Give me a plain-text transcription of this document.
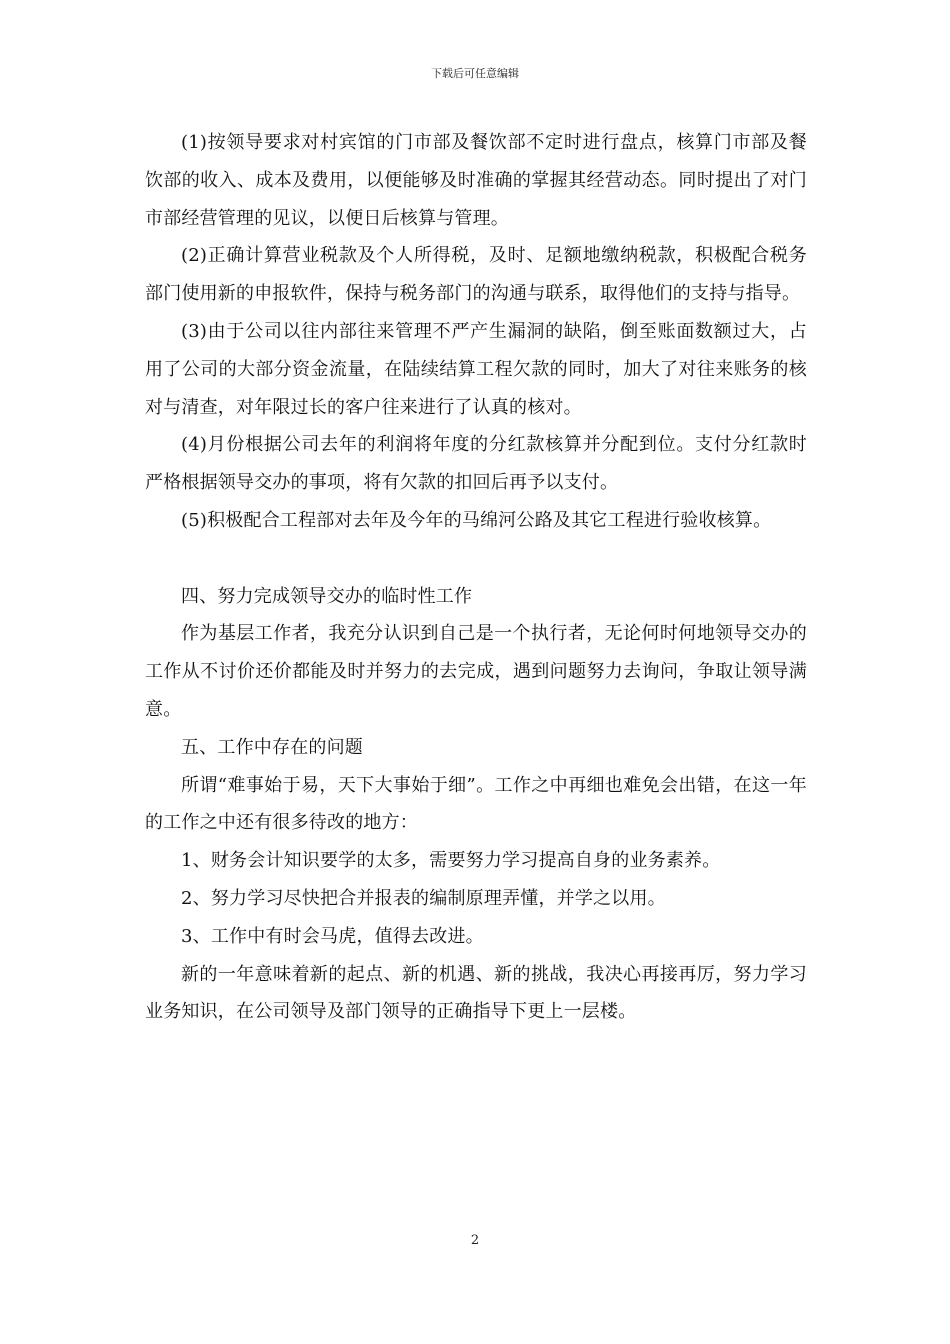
下载后可任意编辑

(1)按领导要求对村宾馆的门市部及餐饮部不定时进行盘点，核算门市部及餐饮部的收入、成本及费用，以便能够及时准确的掌握其经营动态。同时提出了对门市部经营管理的见议，以便日后核算与管理。

(2)正确计算营业税款及个人所得税，及时、足额地缴纳税款，积极配合税务部门使用新的申报软件，保持与税务部门的沟通与联系，取得他们的支持与指导。

(3)由于公司以往内部往来管理不严产生漏洞的缺陷，倒至账面数额过大，占用了公司的大部分资金流量，在陆续结算工程欠款的同时，加大了对往来账务的核对与清查，对年限过长的客户往来进行了认真的核对。

(4)月份根据公司去年的利润将年度的分红款核算并分配到位。支付分红款时严格根据领导交办的事项，将有欠款的扣回后再予以支付。

(5)积极配合工程部对去年及今年的马绵河公路及其它工程进行验收核算。

四、努力完成领导交办的临时性工作

作为基层工作者，我充分认识到自己是一个执行者，无论何时何地领导交办的工作从不讨价还价都能及时并努力的去完成，遇到问题努力去询问，争取让领导满意。

五、工作中存在的问题

所谓“难事始于易，天下大事始于细”。工作之中再细也难免会出错，在这一年的工作之中还有很多待改的地方：

1、财务会计知识要学的太多，需要努力学习提高自身的业务素养。

2、努力学习尽快把合并报表的编制原理弄懂，并学之以用。

3、工作中有时会马虎，值得去改进。

新的一年意味着新的起点、新的机遇、新的挑战，我决心再接再厉，努力学习业务知识，在公司领导及部门领导的正确指导下更上一层楼。

2
